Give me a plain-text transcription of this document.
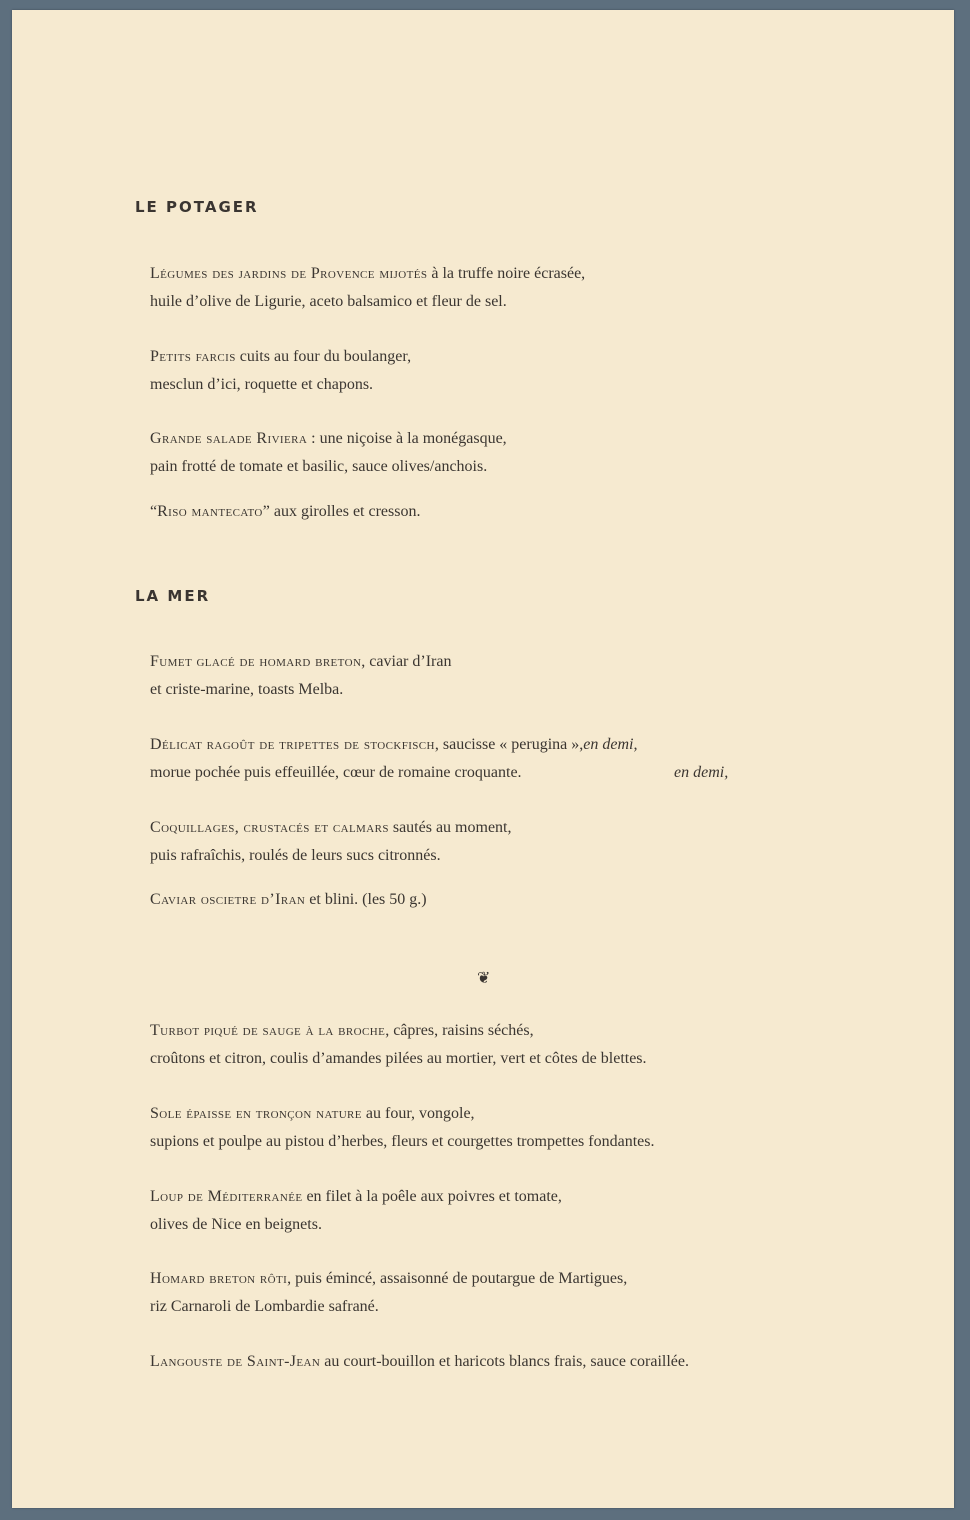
LE POTAGER
Légumes des jardins de Provence mijotés à la truffe noire écrasée,
huile d’olive de Ligurie, aceto balsamico et fleur de sel.
Petits farcis cuits au four du boulanger,
mesclun d’ici, roquette et chapons.
Grande salade Riviera : une niçoise à la monégasque,
pain frotté de tomate et basilic, sauce olives/anchois.
“Riso mantecato” aux girolles et cresson.
LA MER
Fumet glacé de homard breton, caviar d’Iran
et criste-marine, toasts Melba.
Délicat ragoût de tripettes de stockfisch, saucisse « perugina »,en demi,
morue pochée puis effeuillée, cœur de romaine croquante.	en demi,
Coquillages, crustacés et calmars sautés au moment,
puis rafraîchis, roulés de leurs sucs citronnés.
Caviar oscietre d’Iran et blini. (les 50 g.)
❦
Turbot piqué de sauge à la broche, câpres, raisins séchés,
croûtons et citron, coulis d’amandes pilées au mortier, vert et côtes de blettes.
Sole épaisse en tronçon nature au four, vongole,
supions et poulpe au pistou d’herbes, fleurs et courgettes trompettes fondantes.
Loup de Méditerranée en filet à la poêle aux poivres et tomate,
olives de Nice en beignets.
Homard breton rôti, puis émincé, assaisonné de poutargue de Martigues,
riz Carnaroli de Lombardie safrané.
Langouste de Saint-Jean au court-bouillon et haricots blancs frais, sauce coraillée.
